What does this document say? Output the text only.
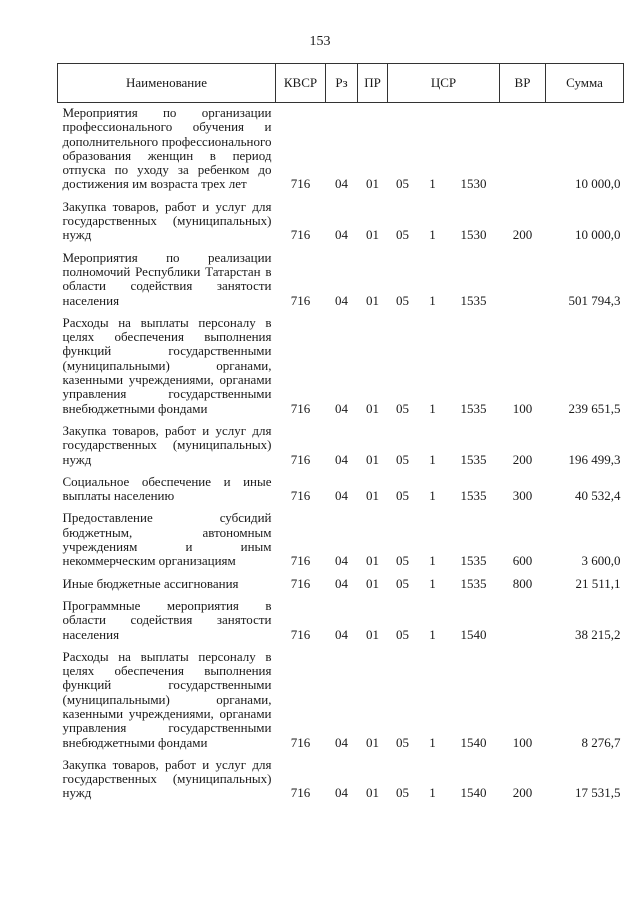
153
Наименование	КВСР	Рз	ПР	ЦСР			ВР	Сумма
Мероприятия по организации профессионального обучения и дополнительного профессионального образования женщин в период отпуска по уходу за ребенком до достижения им возраста трех лет	716	04	01	05	1	1530		10 000,0
Закупка товаров, работ и услуг для государственных (муниципальных) нужд	716	04	01	05	1	1530	200	10 000,0
Мероприятия по реализации полномочий Республики Татарстан в области содействия занятости населения	716	04	01	05	1	1535		501 794,3
Расходы на выплаты персоналу в целях обеспечения выполнения функций государственными (муниципальными) органами, казенными учреждениями, органами управления государственными внебюджетными фондами	716	04	01	05	1	1535	100	239 651,5
Закупка товаров, работ и услуг для государственных (муниципальных) нужд	716	04	01	05	1	1535	200	196 499,3
Социальное обеспечение и иные выплаты населению	716	04	01	05	1	1535	300	40 532,4
Предоставление субсидий бюджетным, автономным учреждениям и иным некоммерческим организациям	716	04	01	05	1	1535	600	3 600,0
Иные бюджетные ассигнования	716	04	01	05	1	1535	800	21 511,1
Программные мероприятия в области содействия занятости населения	716	04	01	05	1	1540		38 215,2
Расходы на выплаты персоналу в целях обеспечения выполнения функций государственными (муниципальными) органами, казенными учреждениями, органами управления государственными внебюджетными фондами	716	04	01	05	1	1540	100	8 276,7
Закупка товаров, работ и услуг для государственных (муниципальных) нужд	716	04	01	05	1	1540	200	17 531,5
